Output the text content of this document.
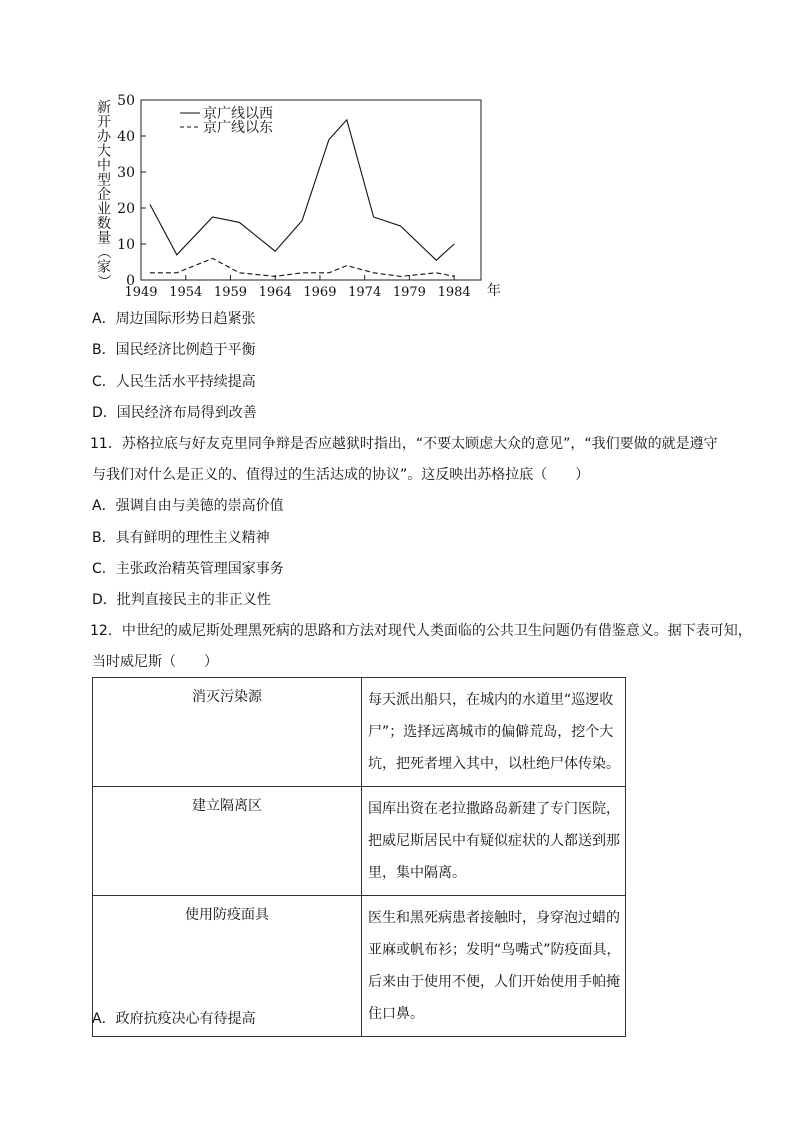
0
10
20
30
40
50
1949 1954 1959 1964 1969 1974 1979 1984 年
新
开
办
大
中
型
企
业
数
量
（
家
）
京广线以西
京广线以东
A．周边国际形势日趋紧张
B．国民经济比例趋于平衡
C．人民生活水平持续提高
D．国民经济布局得到改善
11．苏格拉底与好友克里同争辩是否应越狱时指出，“不要太顾虑大众的意见”，“我们要做的就是遵守
与我们对什么是正义的、值得过的生活达成的协议”。这反映出苏格拉底（　　）
A．强调自由与美德的崇高价值
B．具有鲜明的理性主义精神
C．主张政治精英管理国家事务
D．批判直接民主的非正义性
12．中世纪的威尼斯处理黑死病的思路和方法对现代人类面临的公共卫生问题仍有借鉴意义。据下表可知，
当时威尼斯（　　）
消灭污染源	每天派出船只，在城内的水道里“巡逻收尸”；选择远离城市的偏僻荒岛，挖个大坑，把死者埋入其中，以杜绝尸体传染。
建立隔离区	国库出资在老拉撒路岛新建了专门医院，把威尼斯居民中有疑似症状的人都送到那里，集中隔离。
使用防疫面具	医生和黑死病患者接触时，身穿泡过蜡的亚麻或帆布衫；发明“鸟嘴式”防疫面具，后来由于使用不便，人们开始使用手帕掩住口鼻。
A．政府抗疫决心有待提高
